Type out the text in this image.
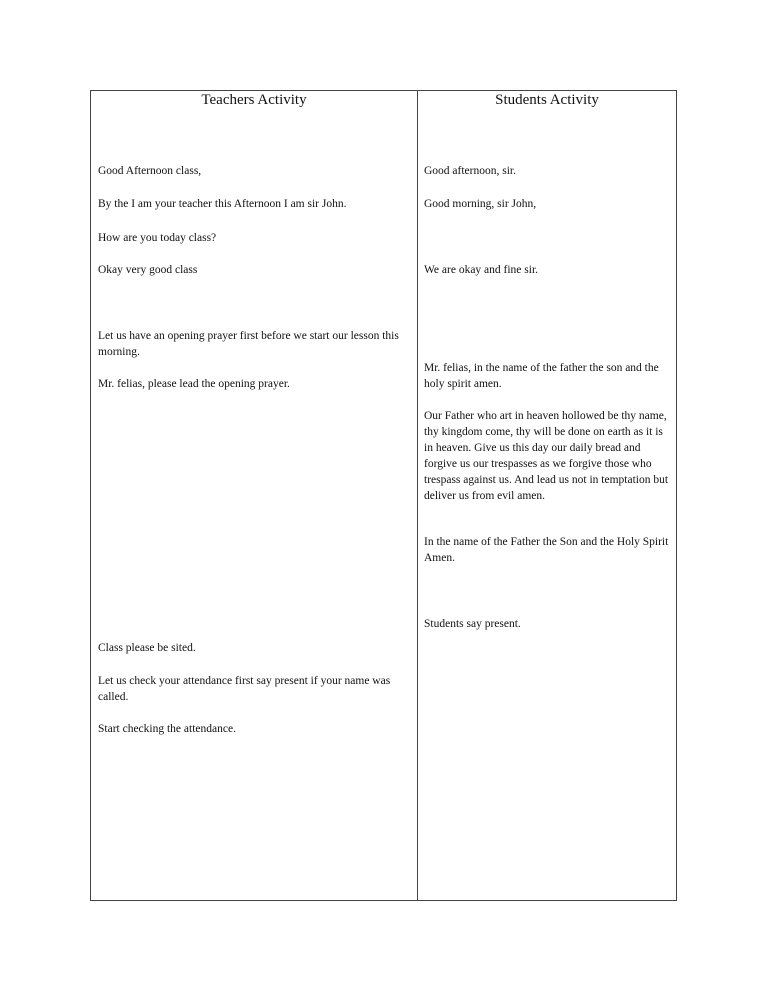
Teachers Activity
Good Afternoon class,
By the I am your teacher this Afternoon I am sir John.
How are you today class?
Okay very good class
Let us have an opening prayer first before we start our lesson this morning.
Mr. felias, please lead the opening prayer.
Class please be sited.
Let us check your attendance first say present if your name was called.
Start checking the attendance.
Students Activity
Good afternoon, sir.
Good morning, sir John,
We are okay and fine sir.
Mr. felias, in the name of the father the son and the holy spirit amen.
Our Father who art in heaven hollowed be thy name, thy kingdom come, thy will be done on earth as it is in heaven. Give us this day our daily bread and forgive us our trespasses as we forgive those who trespass against us. And lead us not in temptation but deliver us from evil amen.
In the name of the Father the Son and the Holy Spirit Amen.
Students say present.
